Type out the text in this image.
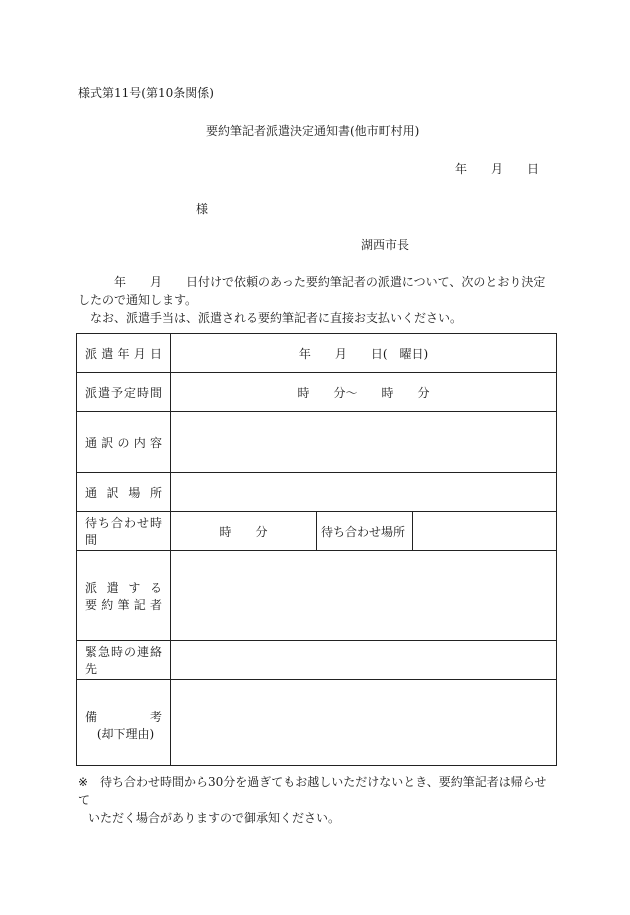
様式第11号(第10条関係)
要約筆記者派遣決定通知書(他市町村用)
年 月 日
様
湖西市長

年　　月　　日付けで依頼のあった要約筆記者の派遣について、次のとおり決定したので通知します。

　なお、派遣手当は、派遣される要約筆記者に直接お支払いください。

派遣年月日	年　　月　　日(　曜日)		
派遣予定時間	時　　分～　　時　　分		
通訳の内容			
通訳場所			
待ち合わせ時間	時　　分	待ち合わせ場所	

派遣する
要約筆記者			

緊急時の連絡先			

備 考
(却下理由)			

※ 待ち合わせ時間から30分を過ぎてもお越しいただけないとき、要約筆記者は帰らせて
いただく場合がありますので御承知ください。
